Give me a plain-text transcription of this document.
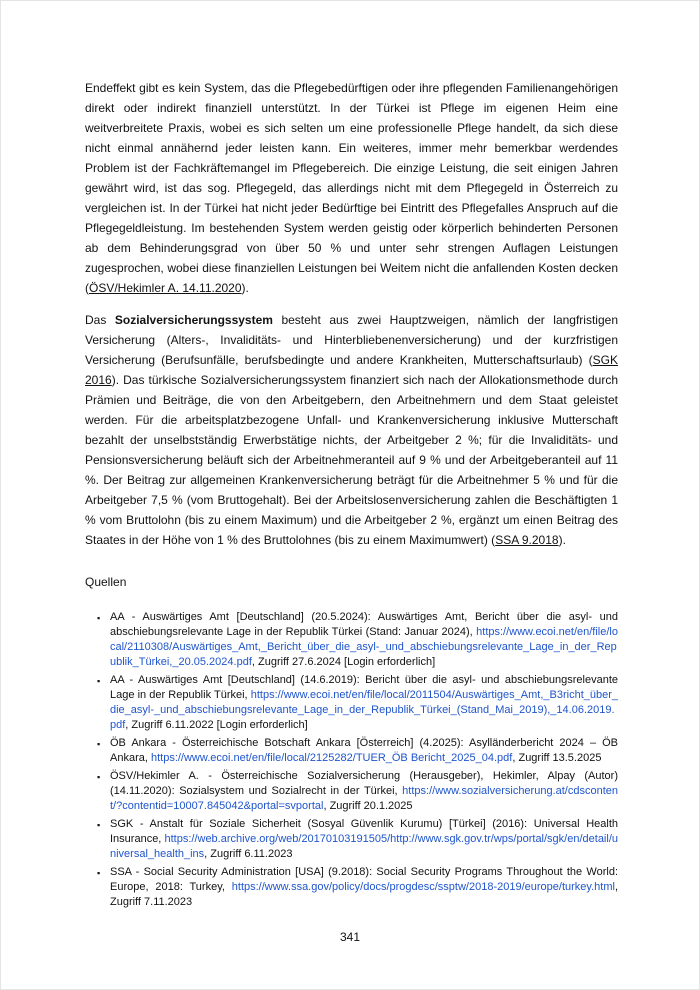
Endeffekt gibt es kein System, das die Pflegebedürftigen oder ihre pflegenden Familienangehörigen direkt oder indirekt finanziell unterstützt. In der Türkei ist Pflege im eigenen Heim eine weitverbreitete Praxis, wobei es sich selten um eine professionelle Pflege handelt, da sich diese nicht einmal annähernd jeder leisten kann. Ein weiteres, immer mehr bemerkbar werdendes Problem ist der Fachkräftemangel im Pflegebereich. Die einzige Leistung, die seit einigen Jahren gewährt wird, ist das sog. Pflegegeld, das allerdings nicht mit dem Pflegegeld in Österreich zu vergleichen ist. In der Türkei hat nicht jeder Bedürftige bei Eintritt des Pflegefalles Anspruch auf die Pflegegeldleistung. Im bestehenden System werden geistig oder körperlich behinderten Personen ab dem Behinderungsgrad von über 50 % und unter sehr strengen Auflagen Leistungen zugesprochen, wobei diese finanziellen Leistungen bei Weitem nicht die anfallenden Kosten decken (ÖSV/Hekimler A. 14.11.2020).

Das Sozialversicherungssystem besteht aus zwei Hauptzweigen, nämlich der langfristigen Versicherung (Alters-, Invaliditäts- und Hinterbliebenenversicherung) und der kurzfristigen Versicherung (Berufsunfälle, berufsbedingte und andere Krankheiten, Mutterschaftsurlaub) (SGK 2016). Das türkische Sozialversicherungssystem finanziert sich nach der Allokationsmethode durch Prämien und Beiträge, die von den Arbeitgebern, den Arbeitnehmern und dem Staat geleistet werden. Für die arbeitsplatzbezogene Unfall- und Krankenversicherung inklusive Mutterschaft bezahlt der unselbstständig Erwerbstätige nichts, der Arbeitgeber 2 %; für die Invaliditäts- und Pensionsversicherung beläuft sich der Arbeitnehmeranteil auf 9 % und der Arbeitgeberanteil auf 11 %. Der Beitrag zur allgemeinen Krankenversicherung beträgt für die Arbeitnehmer 5 % und für die Arbeitgeber 7,5 % (vom Bruttogehalt). Bei der Arbeitslosenversicherung zahlen die Beschäftigten 1 % vom Bruttolohn (bis zu einem Maximum) und die Arbeitgeber 2 %, ergänzt um einen Beitrag des Staates in der Höhe von 1 % des Bruttolohnes (bis zu einem Maximumwert) (SSA 9.2018).

Quellen

▪ AA - Auswärtiges Amt [Deutschland] (20.5.2024): Auswärtiges Amt, Bericht über die asyl- und abschiebungsrelevante Lage in der Republik Türkei (Stand: Januar 2024), https://www.ecoi.net/en/file/local/2110308/Auswärtiges_Amt,_Bericht_über_die_asyl-_und_abschiebungsrelevante_Lage_in_der_Republik_Türkei,_20.05.2024.pdf, Zugriff 27.6.2024 [Login erforderlich]
▪ AA - Auswärtiges Amt [Deutschland] (14.6.2019): Bericht über die asyl- und abschiebungsrelevante Lage in der Republik Türkei, https://www.ecoi.net/en/file/local/2011504/Auswärtiges_Amt,_B3richt_über_die_asyl-_und_abschiebungsrelevante_Lage_in_der_Republik_Türkei_(Stand_Mai_2019),_14.06.2019.pdf, Zugriff 6.11.2022 [Login erforderlich]
▪ ÖB Ankara - Österreichische Botschaft Ankara [Österreich] (4.2025): Asylländerbericht 2024 – ÖB Ankara, https://www.ecoi.net/en/file/local/2125282/TUER_ÖB Bericht_2025_04.pdf, Zugriff 13.5.2025
▪ ÖSV/Hekimler A. - Österreichische Sozialversicherung (Herausgeber), Hekimler, Alpay (Autor) (14.11.2020): Sozialsystem und Sozialrecht in der Türkei, https://www.sozialversicherung.at/cdscontent/?contentid=10007.845042&portal=svportal, Zugriff 20.1.2025
▪ SGK - Anstalt für Soziale Sicherheit (Sosyal Güvenlik Kurumu) [Türkei] (2016): Universal Health Insurance, https://web.archive.org/web/20170103191505/http://www.sgk.gov.tr/wps/portal/sgk/en/detail/universal_health_ins, Zugriff 6.11.2023
▪ SSA - Social Security Administration [USA] (9.2018): Social Security Programs Throughout the World: Europe, 2018: Turkey, https://www.ssa.gov/policy/docs/progdesc/ssptw/2018-2019/europe/turkey.html, Zugriff 7.11.2023
341
